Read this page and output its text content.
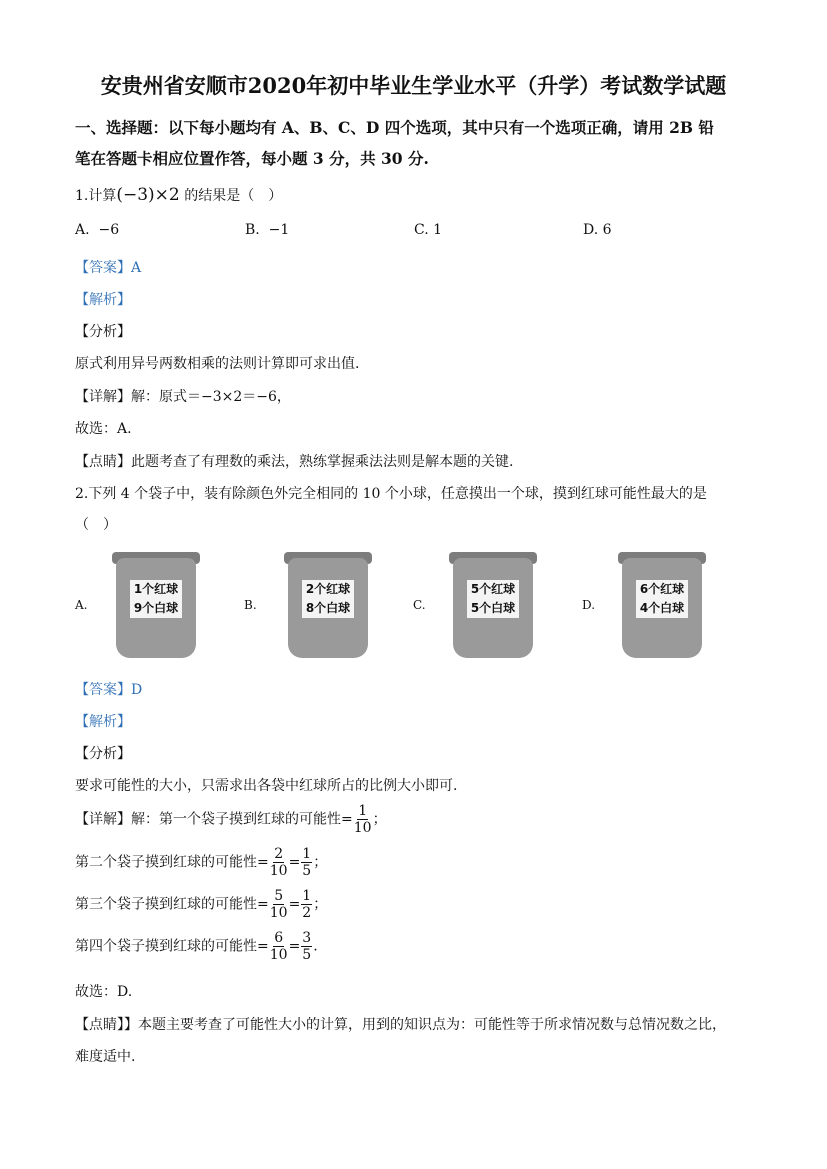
安贵州省安顺市2020年初中毕业生学业水平（升学）考试数学试题
一、选择题：以下每小题均有 A、B、C、D 四个选项，其中只有一个选项正确，请用 2B 铅
笔在答题卡相应位置作答，每小题 3 分，共 30 分.
1.计算(−3)×2 的结果是（　）
A. −6	B. −1	C. 1	D. 6
【答案】A
【解析】
【分析】
原式利用异号两数相乘的法则计算即可求出值.
【详解】解：原式＝−3×2＝−6，
故选：A.
【点睛】此题考查了有理数的乘法，熟练掌握乘法法则是解本题的关键.
2.下列 4 个袋子中，装有除颜色外完全相同的 10 个小球，任意摸出一个球，摸到红球可能性最大的是
（　）
A.
1个红球
9个白球	B.
2个红球
8个白球	C.
5个红球
5个白球	D.
6个红球
4个白球
【答案】D
【解析】
【分析】
要求可能性的大小，只需求出各袋中红球所占的比例大小即可.
【详解】解：第一个袋子摸到红球的可能性= $\frac{1}{10}$ ；
第二个袋子摸到红球的可能性= $\frac{2}{10} = \frac{1}{5}$ ；
第三个袋子摸到红球的可能性= $\frac{5}{10} = \frac{1}{2}$ ；
第四个袋子摸到红球的可能性= $\frac{6}{10} = \frac{3}{5}$ .
故选：D.
【点睛】】本题主要考查了可能性大小的计算，用到的知识点为：可能性等于所求情况数与总情况数之比，
难度适中.
